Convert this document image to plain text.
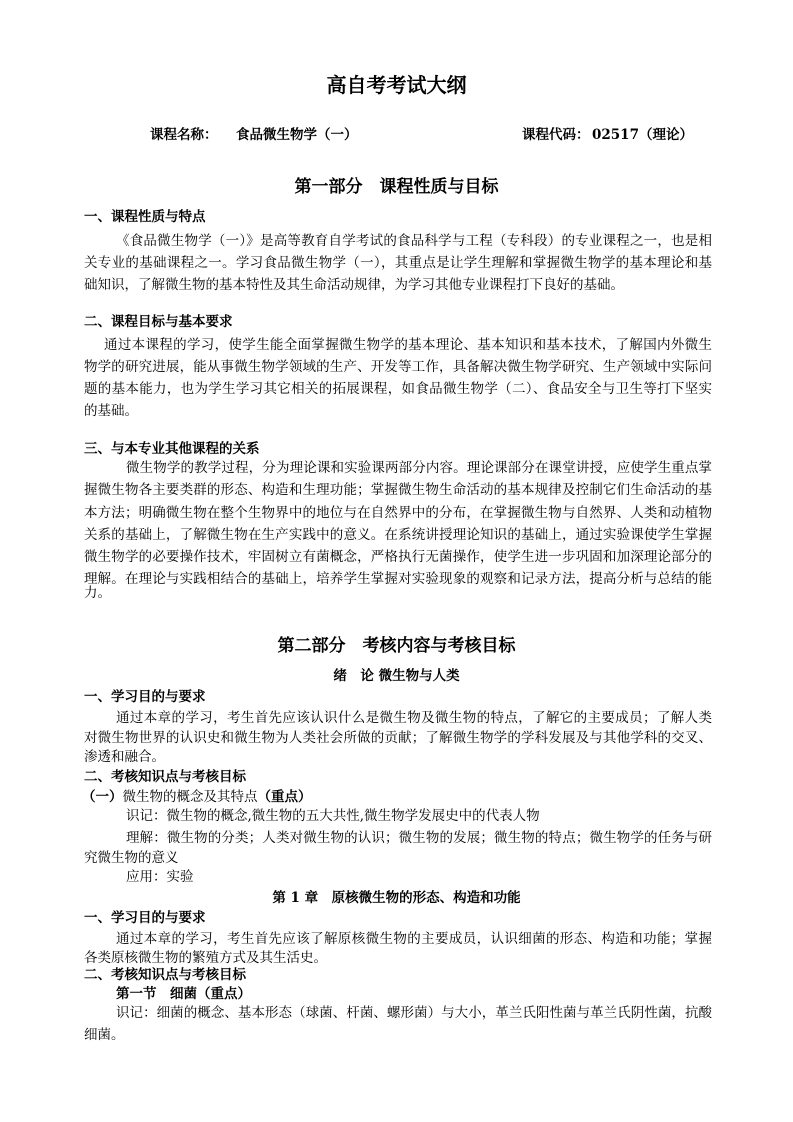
高自考考试大纲
课程名称：	食品微生物学（一）	课程代码： 02517（理论）
第一部分　课程性质与目标
一、课程性质与特点
《食品微生物学（一）》是高等教育自学考试的食品科学与工程（专科段）的专业课程之一，也是相
关专业的基础课程之一。学习食品微生物学（一），其重点是让学生理解和掌握微生物学的基本理论和基
础知识，了解微生物的基本特性及其生命活动规律，为学习其他专业课程打下良好的基础。
二、课程目标与基本要求
通过本课程的学习，使学生能全面掌握微生物学的基本理论、基本知识和基本技术，了解国内外微生
物学的研究进展，能从事微生物学领域的生产、开发等工作，具备解决微生物学研究、生产领域中实际问
题的基本能力，也为学生学习其它相关的拓展课程，如食品微生物学（二）、食品安全与卫生等打下坚实
的基础。
三、与本专业其他课程的关系
微生物学的教学过程，分为理论课和实验课两部分内容。理论课部分在课堂讲授，应使学生重点掌
握微生物各主要类群的形态、构造和生理功能；掌握微生物生命活动的基本规律及控制它们生命活动的基
本方法；明确微生物在整个生物界中的地位与在自然界中的分布，在掌握微生物与自然界、人类和动植物
关系的基础上，了解微生物在生产实践中的意义。在系统讲授理论知识的基础上，通过实验课使学生掌握
微生物学的必要操作技术，牢固树立有菌概念，严格执行无菌操作，使学生进一步巩固和加深理论部分的
理解。在理论与实践相结合的基础上，培养学生掌握对实验现象的观察和记录方法，提高分析与总结的能
力。
第二部分　考核内容与考核目标
绪　论 微生物与人类
一、学习目的与要求
通过本章的学习，考生首先应该认识什么是微生物及微生物的特点，了解它的主要成员；了解人类
对微生物世界的认识史和微生物为人类社会所做的贡献；了解微生物学的学科发展及与其他学科的交叉、
渗透和融合。
二、考核知识点与考核目标
（一）微生物的概念及其特点（重点）
识记：微生物的概念,微生物的五大共性,微生物学发展史中的代表人物
理解：微生物的分类；人类对微生物的认识；微生物的发展；微生物的特点；微生物学的任务与研
究微生物的意义
应用：实验
第 1 章　原核微生物的形态、构造和功能
一、学习目的与要求
通过本章的学习，考生首先应该了解原核微生物的主要成员，认识细菌的形态、构造和功能；掌握
各类原核微生物的繁殖方式及其生活史。
二、考核知识点与考核目标
第一节　细菌（重点）
识记：细菌的概念、基本形态（球菌、杆菌、螺形菌）与大小，革兰氏阳性菌与革兰氏阴性菌，抗酸
细菌。
